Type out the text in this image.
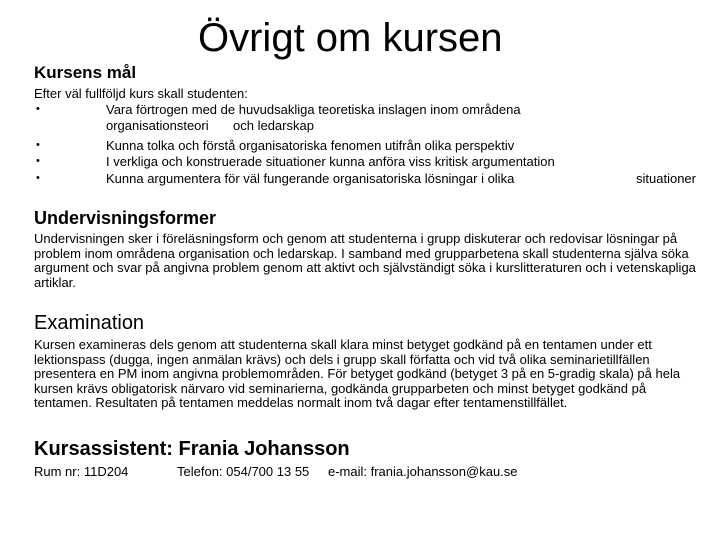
Övrigt om kursen
Kursens mål
Efter väl fullföljd kurs skall studenten:
•	Vara förtrogen med de huvudsakliga teoretiska inslagen inom områdena
organisationsteori och ledarskap
•	Kunna tolka och förstå organisatoriska fenomen utifrån olika perspektiv
•	I verkliga och konstruerade situationer kunna anföra viss kritisk argumentation
•	Kunna argumentera för väl fungerande organisatoriska lösningar i olika	situationer
Undervisningsformer
Undervisningen sker i föreläsningsform och genom att studenterna i grupp diskuterar och redovisar lösningar på problem inom områdena organisation och ledarskap. I samband med grupparbetena skall studenterna själva söka argument och svar på angivna problem genom att aktivt och självständigt söka i kurslitteraturen och i vetenskapliga artiklar.
Examination
Kursen examineras dels genom att studenterna skall klara minst betyget godkänd på en tentamen under ett lektionspass (dugga, ingen anmälan krävs) och dels i grupp skall författa och vid två olika seminarietillfällen presentera en PM inom angivna problemområden. För betyget godkänd (betyget 3 på en 5-gradig skala) på hela kursen krävs obligatorisk närvaro vid seminarierna, godkända grupparbeten och minst betyget godkänd på tentamen. Resultaten på tentamen meddelas normalt inom två dagar efter tentamenstillfället.
Kursassistent: Frania Johansson
Rum nr: 11D204	Telefon: 054/700 13 55 e-mail: frania.johansson@kau.se
